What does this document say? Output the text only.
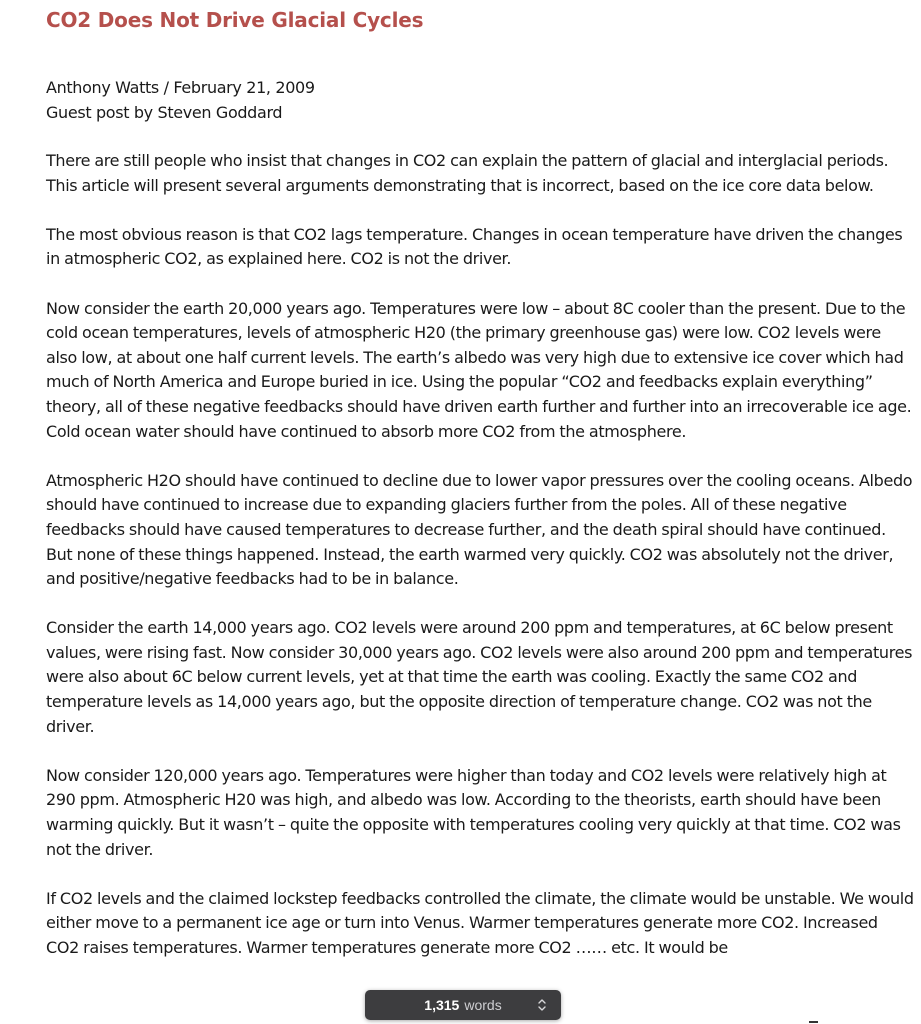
CO2 Does Not Drive Glacial Cycles
Anthony Watts / February 21, 2009
Guest post by Steven Goddard

There are still people who insist that changes in CO2 can explain the pattern of glacial and interglacial periods. This article will present several arguments demonstrating that is incorrect, based on the ice core data below.

The most obvious reason is that CO2 lags temperature. Changes in ocean temperature have driven the changes in atmospheric CO2, as explained here. CO2 is not the driver.

Now consider the earth 20,000 years ago. Temperatures were low – about 8C cooler than the present. Due to the cold ocean temperatures, levels of atmospheric H20 (the primary greenhouse gas) were low. CO2 levels were also low, at about one half current levels. The earth’s albedo was very high due to extensive ice cover which had much of North America and Europe buried in ice. Using the popular “CO2 and feedbacks explain everything” theory, all of these negative feedbacks should have driven earth further and further into an irrecoverable ice age. Cold ocean water should have continued to absorb more CO2 from the atmosphere.

Atmospheric H2O should have continued to decline due to lower vapor pressures over the cooling oceans. Albedo should have continued to increase due to expanding glaciers further from the poles. All of these negative feedbacks should have caused temperatures to decrease further, and the death spiral should have continued. But none of these things happened. Instead, the earth warmed very quickly. CO2 was absolutely not the driver, and positive/negative feedbacks had to be in balance.

Consider the earth 14,000 years ago. CO2 levels were around 200 ppm and temperatures, at 6C below present values, were rising fast. Now consider 30,000 years ago. CO2 levels were also around 200 ppm and temperatures were also about 6C below current levels, yet at that time the earth was cooling. Exactly the same CO2 and temperature levels as 14,000 years ago, but the opposite direction of temperature change. CO2 was not the driver.

Now consider 120,000 years ago. Temperatures were higher than today and CO2 levels were relatively high at 290 ppm. Atmospheric H20 was high, and albedo was low. According to the theorists, earth should have been warming quickly. But it wasn’t – quite the opposite with temperatures cooling very quickly at that time. CO2 was not the driver.

If CO2 levels and the claimed lockstep feedbacks controlled the climate, the climate would be unstable. We would either move to a permanent ice age or turn into Venus. Warmer temperatures generate more CO2. Increased CO2 raises temperatures. Warmer temperatures generate more CO2 …… etc. It would be

1,315 words
